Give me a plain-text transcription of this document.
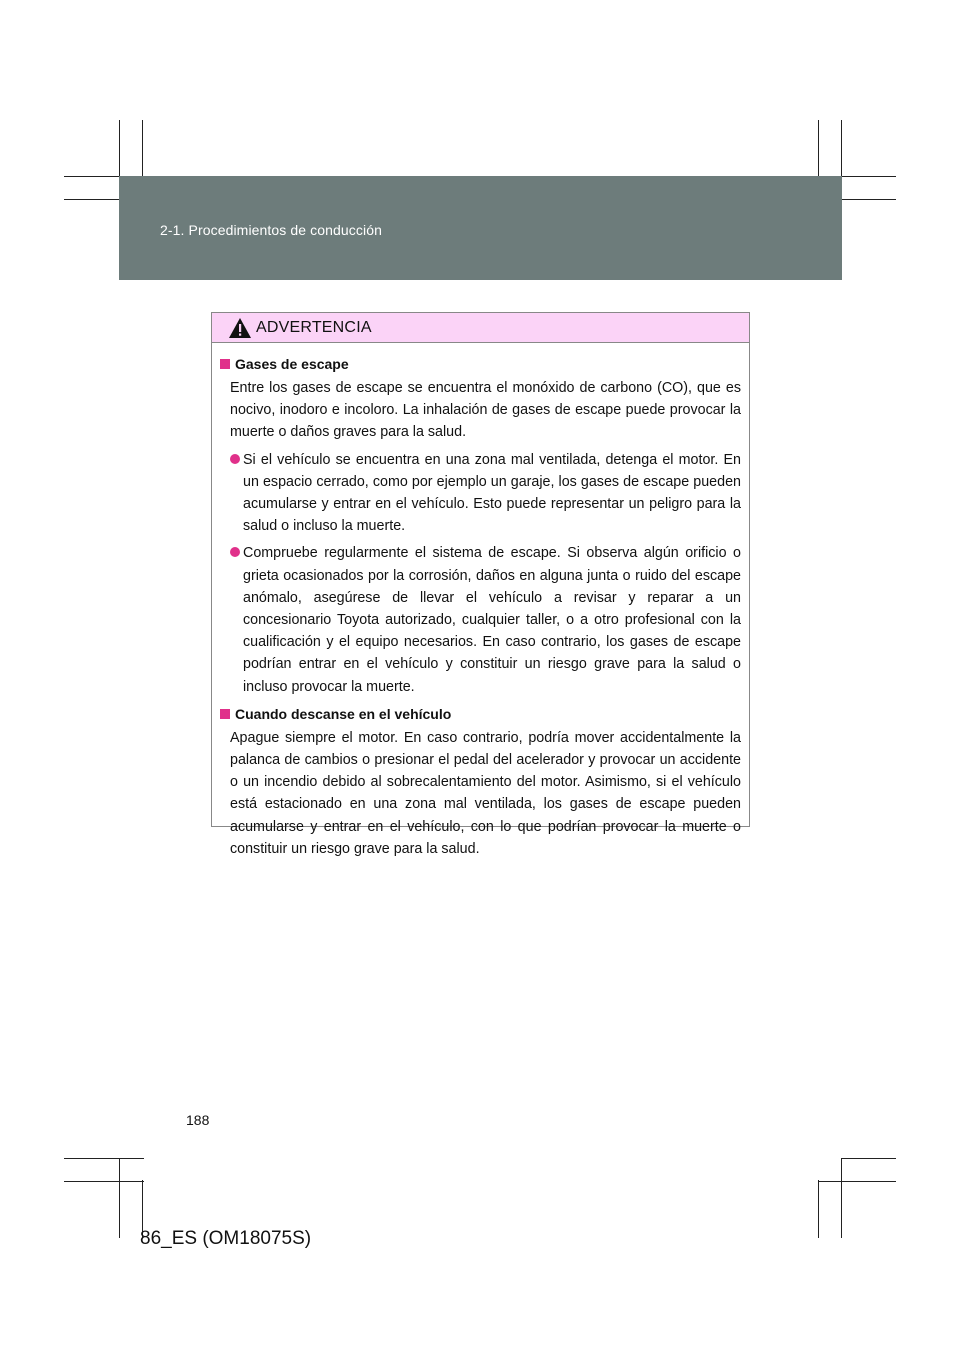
2-1. Procedimientos de conducción
ADVERTENCIA
Gases de escape
Entre los gases de escape se encuentra el monóxido de carbono (CO), que es nocivo, inodoro e incoloro. La inhalación de gases de escape puede provocar la muerte o daños graves para la salud.
Si el vehículo se encuentra en una zona mal ventilada, detenga el motor. En un espacio cerrado, como por ejemplo un garaje, los gases de escape pueden acumularse y entrar en el vehículo. Esto puede representar un peligro para la salud o incluso la muerte.
Compruebe regularmente el sistema de escape. Si observa algún orificio o grieta ocasionados por la corrosión, daños en alguna junta o ruido del escape anómalo, asegúrese de llevar el vehículo a revisar y reparar a un concesionario Toyota autorizado, cualquier taller, o a otro profesional con la cualificación y el equipo necesarios. En caso contrario, los gases de escape podrían entrar en el vehículo y constituir un riesgo grave para la salud o incluso provocar la muerte.
Cuando descanse en el vehículo
Apague siempre el motor. En caso contrario, podría mover accidentalmente la palanca de cambios o presionar el pedal del acelerador y provocar un accidente o un incendio debido al sobrecalentamiento del motor. Asimismo, si el vehículo está estacionado en una zona mal ventilada, los gases de escape pueden acumularse y entrar en el vehículo, con lo que podrían provocar la muerte o constituir un riesgo grave para la salud.
188
86_ES (OM18075S)
